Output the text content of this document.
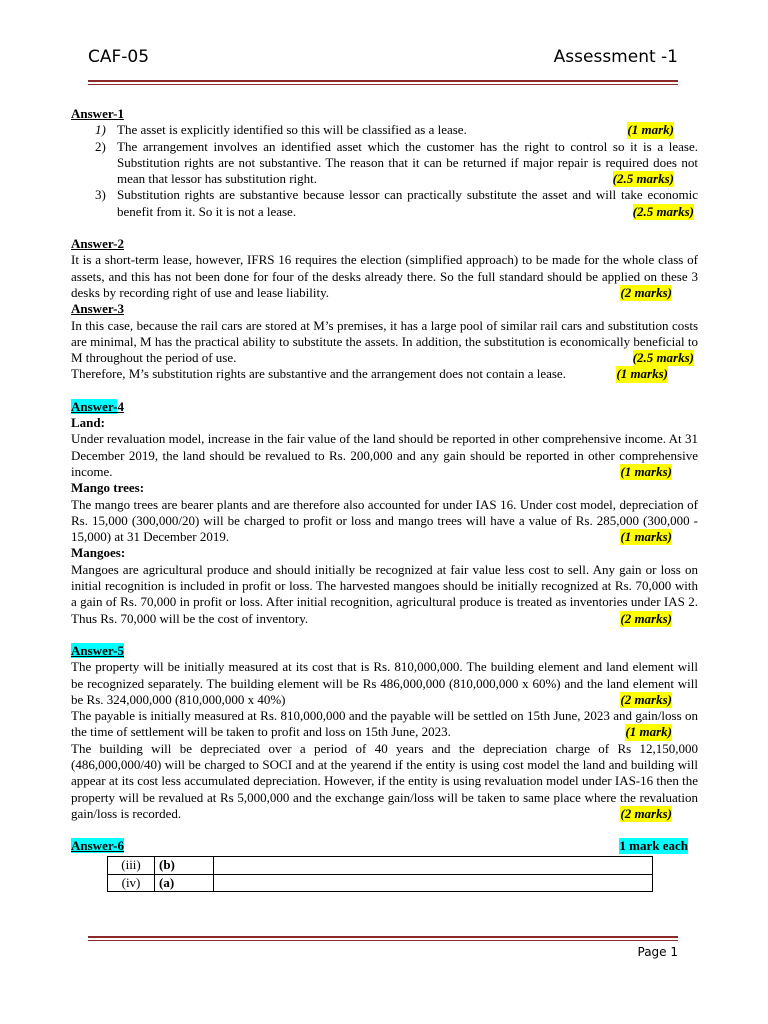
CAF-05	Assessment -1
Answer-1
1) The asset is explicitly identified so this will be classified as a lease.	(1 mark)
2) The arrangement involves an identified asset which the customer has the right to control so it is a lease. Substitution rights are not substantive. The reason that it can be returned if major repair is required does not mean that lessor has substitution right.	(2.5 marks)
3) Substitution rights are substantive because lessor can practically substitute the asset and will take economic benefit from it. So it is not a lease.	(2.5 marks)
Answer-2
It is a short-term lease, however, IFRS 16 requires the election (simplified approach) to be made for the whole class of assets, and this has not been done for four of the desks already there. So the full standard should be applied on these 3 desks by recording right of use and lease liability.	(2 marks)
Answer-3
In this case, because the rail cars are stored at M’s premises, it has a large pool of similar rail cars and substitution costs are minimal, M has the practical ability to substitute the assets. In addition, the substitution is economically beneficial to M throughout the period of use.	(2.5 marks)
Therefore, M’s substitution rights are substantive and the arrangement does not contain a lease.	(1 marks)
Answer-4
Land:
Under revaluation model, increase in the fair value of the land should be reported in other comprehensive income. At 31 December 2019, the land should be revalued to Rs. 200,000 and any gain should be reported in other comprehensive income.	(1 marks)
Mango trees:
The mango trees are bearer plants and are therefore also accounted for under IAS 16. Under cost model, depreciation of Rs. 15,000 (300,000/20) will be charged to profit or loss and mango trees will have a value of Rs. 285,000 (300,000 - 15,000) at 31 December 2019.	(1 marks)
Mangoes:
Mangoes are agricultural produce and should initially be recognized at fair value less cost to sell. Any gain or loss on initial recognition is included in profit or loss. The harvested mangoes should be initially recognized at Rs. 70,000 with a gain of Rs. 70,000 in profit or loss. After initial recognition, agricultural produce is treated as inventories under IAS 2. Thus Rs. 70,000 will be the cost of inventory.	(2 marks)
Answer-5
The property will be initially measured at its cost that is Rs. 810,000,000. The building element and land element will be recognized separately. The building element will be Rs 486,000,000 (810,000,000 x 60%) and the land element will be Rs. 324,000,000 (810,000,000 x 40%)	(2 marks)
The payable is initially measured at Rs. 810,000,000 and the payable will be settled on 15th June, 2023 and gain/loss on the time of settlement will be taken to profit and loss on 15th June, 2023.	(1 mark)
The building will be depreciated over a period of 40 years and the depreciation charge of Rs 12,150,000 (486,000,000/40) will be charged to SOCI and at the yearend if the entity is using cost model the land and building will appear at its cost less accumulated depreciation. However, if the entity is using revaluation model under IAS-16 then the property will be revalued at Rs 5,000,000 and the exchange gain/loss will be taken to same place where the revaluation gain/loss is recorded.	(2 marks)
Answer-6	1 mark each
(iii)	(b)	
(iv)	(a)	
Page 1
